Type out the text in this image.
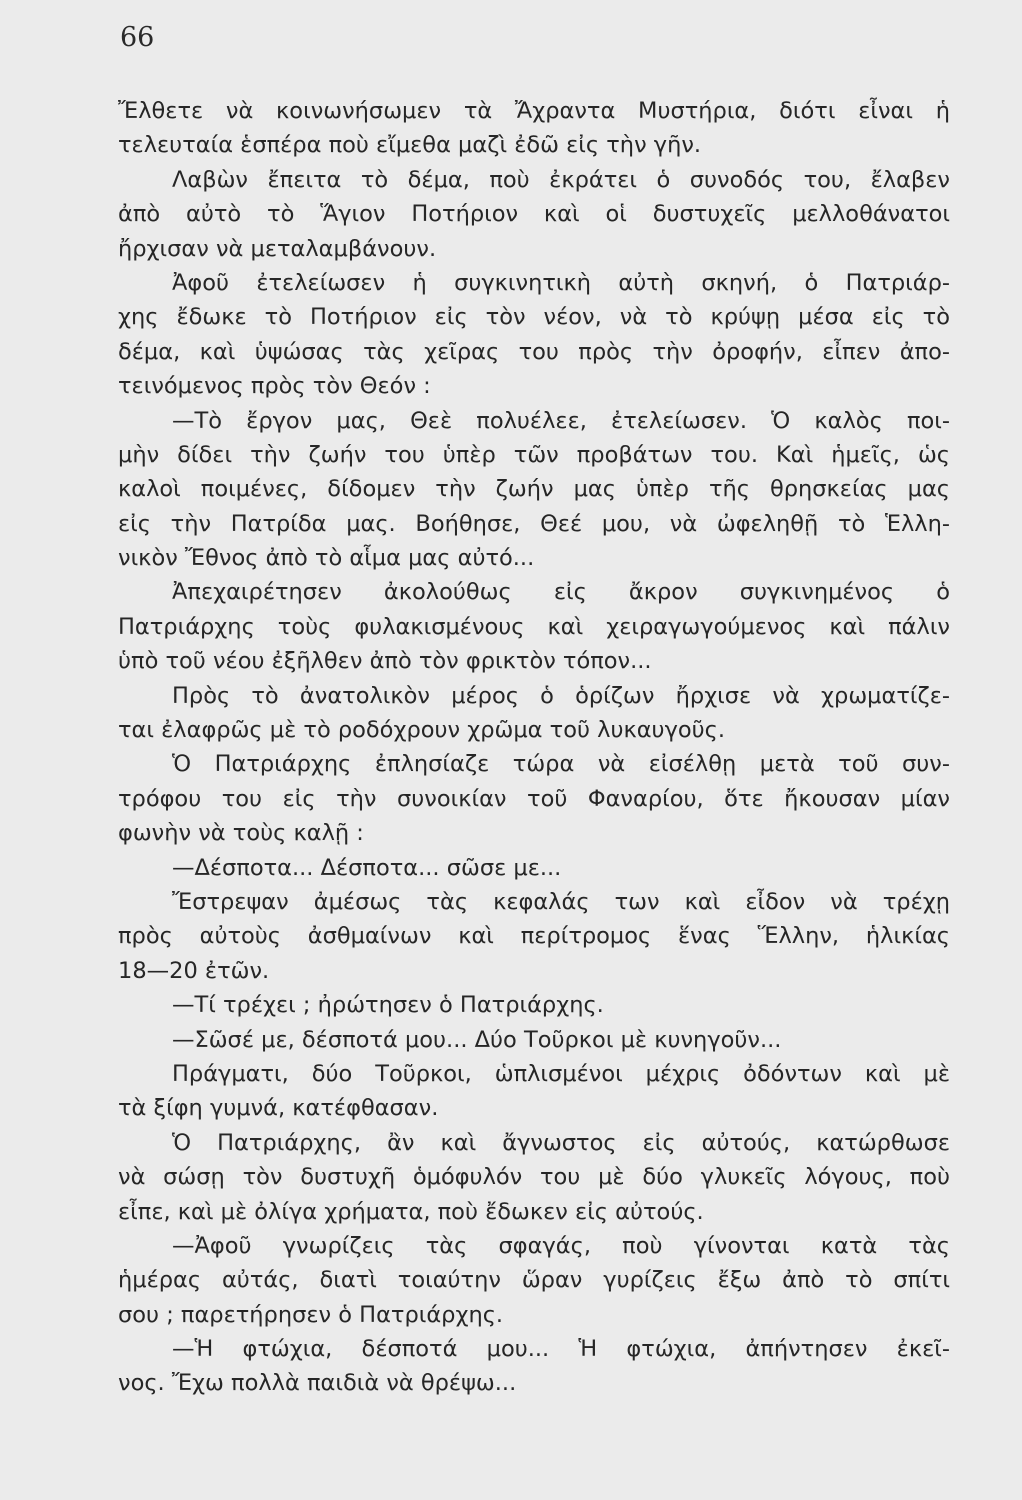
66
Ἔλθετε νὰ κοινωνήσωμεν τὰ Ἄχραντα Μυστήρια, διότι εἶναι ἡ
τελευταία ἑσπέρα ποὺ εἴμεθα μαζὶ ἐδῶ εἰς τὴν γῆν.
Λαβὼν ἔπειτα τὸ δέμα, ποὺ ἐκράτει ὁ συνοδός του, ἔλαβεν
ἀπὸ αὐτὸ τὸ Ἅγιον Ποτήριον καὶ οἱ δυστυχεῖς μελλοθάνατοι
ἤρχισαν νὰ μεταλαμβάνουν.
Ἀφοῦ ἐτελείωσεν ἡ συγκινητικὴ αὐτὴ σκηνή, ὁ Πατριάρ-
χης ἔδωκε τὸ Ποτήριον εἰς τὸν νέον, νὰ τὸ κρύψῃ μέσα εἰς τὸ
δέμα, καὶ ὑψώσας τὰς χεῖρας του πρὸς τὴν ὀροφήν, εἶπεν ἀπο-
τεινόμενος πρὸς τὸν Θεόν :
—Τὸ ἔργον μας, Θεὲ πολυέλεε, ἐτελείωσεν. Ὁ καλὸς ποι-
μὴν δίδει τὴν ζωήν του ὑπὲρ τῶν προβάτων του. Καὶ ἡμεῖς, ὡς
καλοὶ ποιμένες, δίδομεν τὴν ζωήν μας ὑπὲρ τῆς θρησκείας μας
εἰς τὴν Πατρίδα μας. Βοήθησε, Θεέ μου, νὰ ὠφεληθῇ τὸ Ἑλλη-
νικὸν Ἔθνος ἀπὸ τὸ αἷμα μας αὐτό...
Ἀπεχαιρέτησεν ἀκολούθως εἰς ἄκρον συγκινημένος ὁ
Πατριάρχης τοὺς φυλακισμένους καὶ χειραγωγούμενος καὶ πάλιν
ὑπὸ τοῦ νέου ἐξῆλθεν ἀπὸ τὸν φρικτὸν τόπον...
Πρὸς τὸ ἀνατολικὸν μέρος ὁ ὁρίζων ἤρχισε νὰ χρωματίζε-
ται ἐλαφρῶς μὲ τὸ ροδόχρουν χρῶμα τοῦ λυκαυγοῦς.
Ὁ Πατριάρχης ἐπλησίαζε τώρα νὰ εἰσέλθῃ μετὰ τοῦ συν-
τρόφου του εἰς τὴν συνοικίαν τοῦ Φαναρίου, ὅτε ἤκουσαν μίαν
φωνὴν νὰ τοὺς καλῇ :
—Δέσποτα... Δέσποτα... σῶσε με...
Ἔστρεψαν ἀμέσως τὰς κεφαλάς των καὶ εἶδον νὰ τρέχῃ
πρὸς αὐτοὺς ἀσθμαίνων καὶ περίτρομος ἕνας Ἕλλην, ἡλικίας
18—20 ἐτῶν.
—Τί τρέχει ; ἠρώτησεν ὁ Πατριάρχης.
—Σῶσέ με, δέσποτά μου... Δύο Τοῦρκοι μὲ κυνηγοῦν...
Πράγματι, δύο Τοῦρκοι, ὡπλισμένοι μέχρις ὀδόντων καὶ μὲ
τὰ ξίφη γυμνά, κατέφθασαν.
Ὁ Πατριάρχης, ἂν καὶ ἄγνωστος εἰς αὐτούς, κατώρθωσε
νὰ σώσῃ τὸν δυστυχῆ ὁμόφυλόν του μὲ δύο γλυκεῖς λόγους, ποὺ
εἶπε, καὶ μὲ ὀλίγα χρήματα, ποὺ ἔδωκεν εἰς αὐτούς.
—Ἀφοῦ γνωρίζεις τὰς σφαγάς, ποὺ γίνονται κατὰ τὰς
ἡμέρας αὐτάς, διατὶ τοιαύτην ὥραν γυρίζεις ἔξω ἀπὸ τὸ σπίτι
σου ; παρετήρησεν ὁ Πατριάρχης.
—Ἡ φτώχια, δέσποτά μου... Ἡ φτώχια, ἀπήντησεν ἐκεῖ-
νος. Ἔχω πολλὰ παιδιὰ νὰ θρέψω...
